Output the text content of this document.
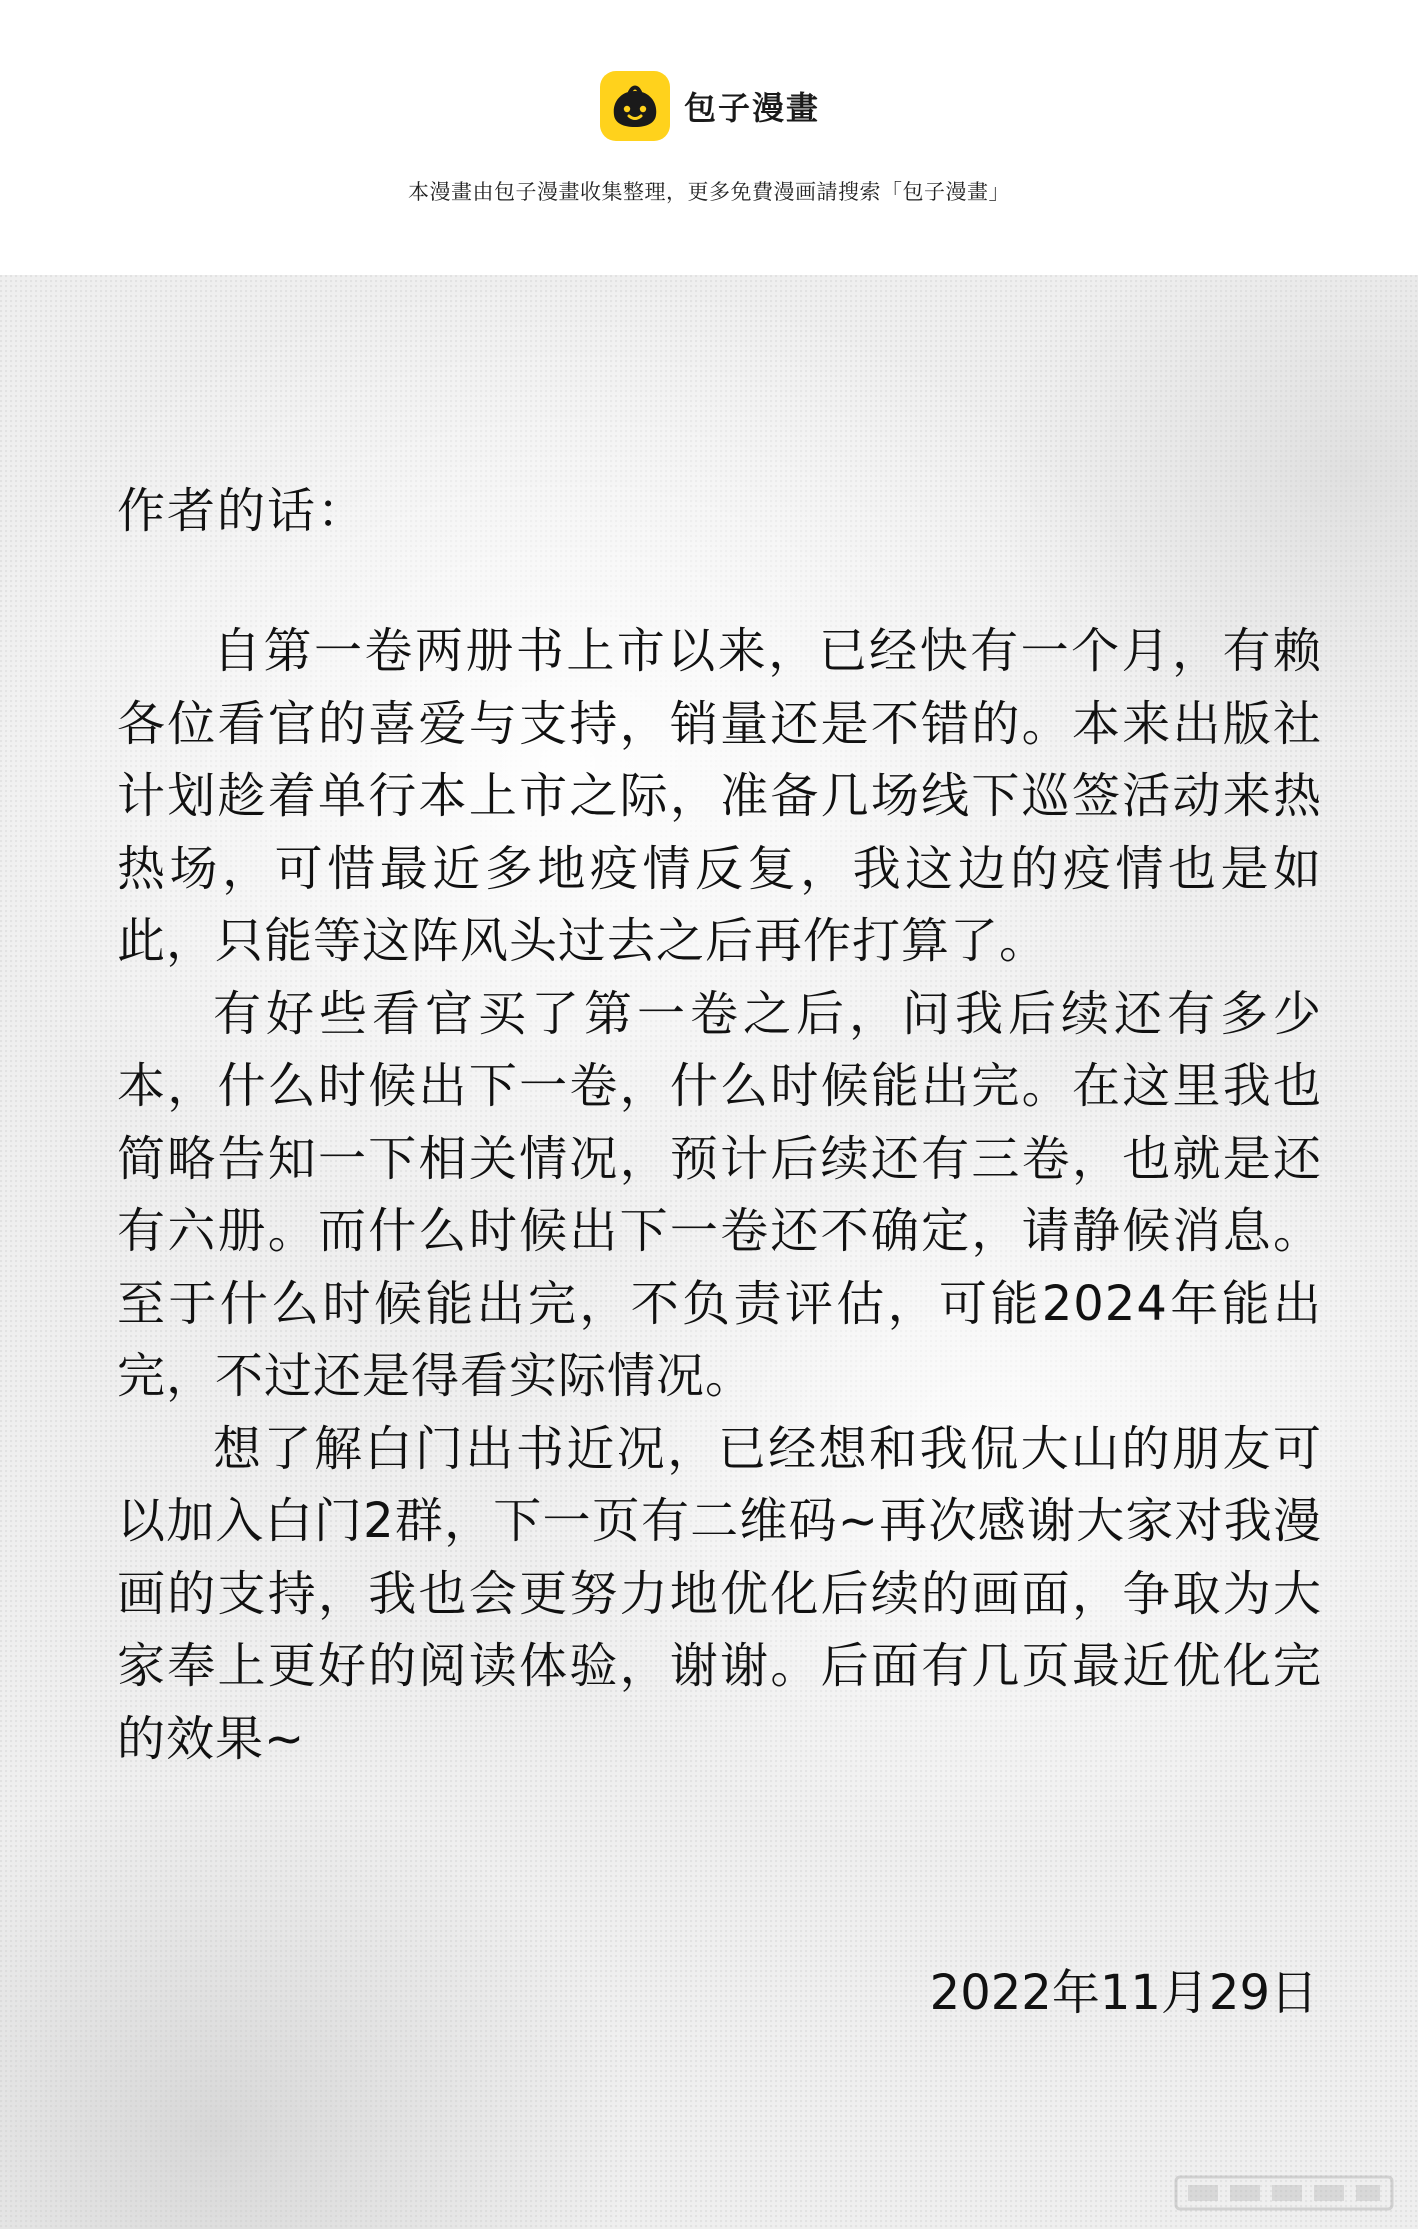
包子漫畫
本漫畫由包子漫畫收集整理，更多免費漫画請搜索「包子漫畫」
作者的话：

自第一卷两册书上市以来，已经快有一个月，有赖各位看官的喜爱与支持，销量还是不错的。本来出版社计划趁着单行本上市之际，准备几场线下巡签活动来热热场，可惜最近多地疫情反复，我这边的疫情也是如此，只能等这阵风头过去之后再作打算了。

有好些看官买了第一卷之后，问我后续还有多少本，什么时候出下一卷，什么时候能出完。在这里我也简略告知一下相关情况，预计后续还有三卷，也就是还有六册。而什么时候出下一卷还不确定，请静候消息。至于什么时候能出完，不负责评估，可能2024年能出完，不过还是得看实际情况。

想了解白门出书近况，已经想和我侃大山的朋友可以加入白门2群，下一页有二维码~再次感谢大家对我漫画的支持，我也会更努力地优化后续的画面，争取为大家奉上更好的阅读体验，谢谢。后面有几页最近优化完的效果~

2022年11月29日
